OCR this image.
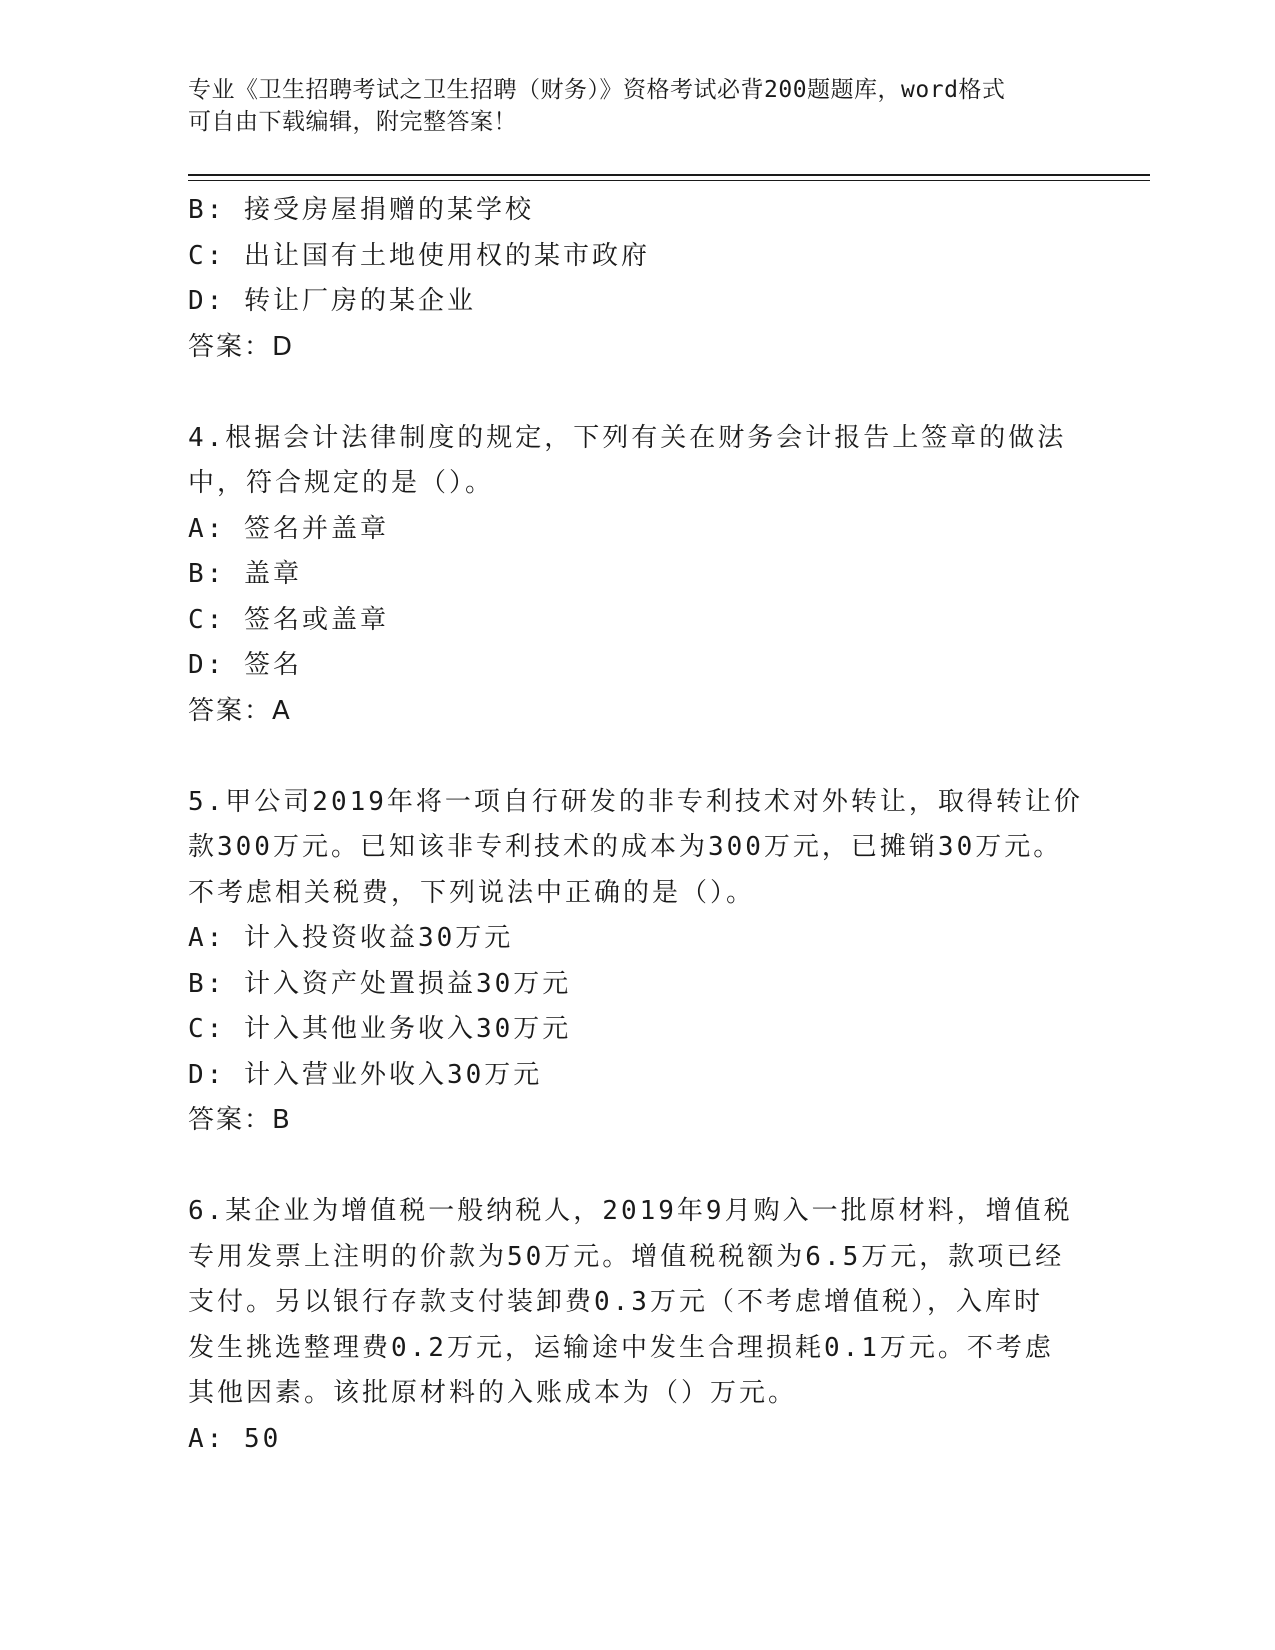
专业《卫生招聘考试之卫生招聘（财务）》资格考试必背200题题库，word格式
可自由下载编辑，附完整答案！
B: 接受房屋捐赠的某学校
C: 出让国有土地使用权的某市政府
D: 转让厂房的某企业
答案：D
4.根据会计法律制度的规定，下列有关在财务会计报告上签章的做法
中，符合规定的是（）。
A: 签名并盖章
B: 盖章
C: 签名或盖章
D: 签名
答案：A
5.甲公司2019年将一项自行研发的非专利技术对外转让，取得转让价
款300万元。已知该非专利技术的成本为300万元，已摊销30万元。
不考虑相关税费，下列说法中正确的是（）。
A: 计入投资收益30万元
B: 计入资产处置损益30万元
C: 计入其他业务收入30万元
D: 计入营业外收入30万元
答案：B
6.某企业为增值税一般纳税人，2019年9月购入一批原材料，增值税
专用发票上注明的价款为50万元。增值税税额为6.5万元，款项已经
支付。另以银行存款支付装卸费0.3万元（不考虑增值税），入库时
发生挑选整理费0.2万元，运输途中发生合理损耗0.1万元。不考虑
其他因素。该批原材料的入账成本为（）万元。
A: 50
